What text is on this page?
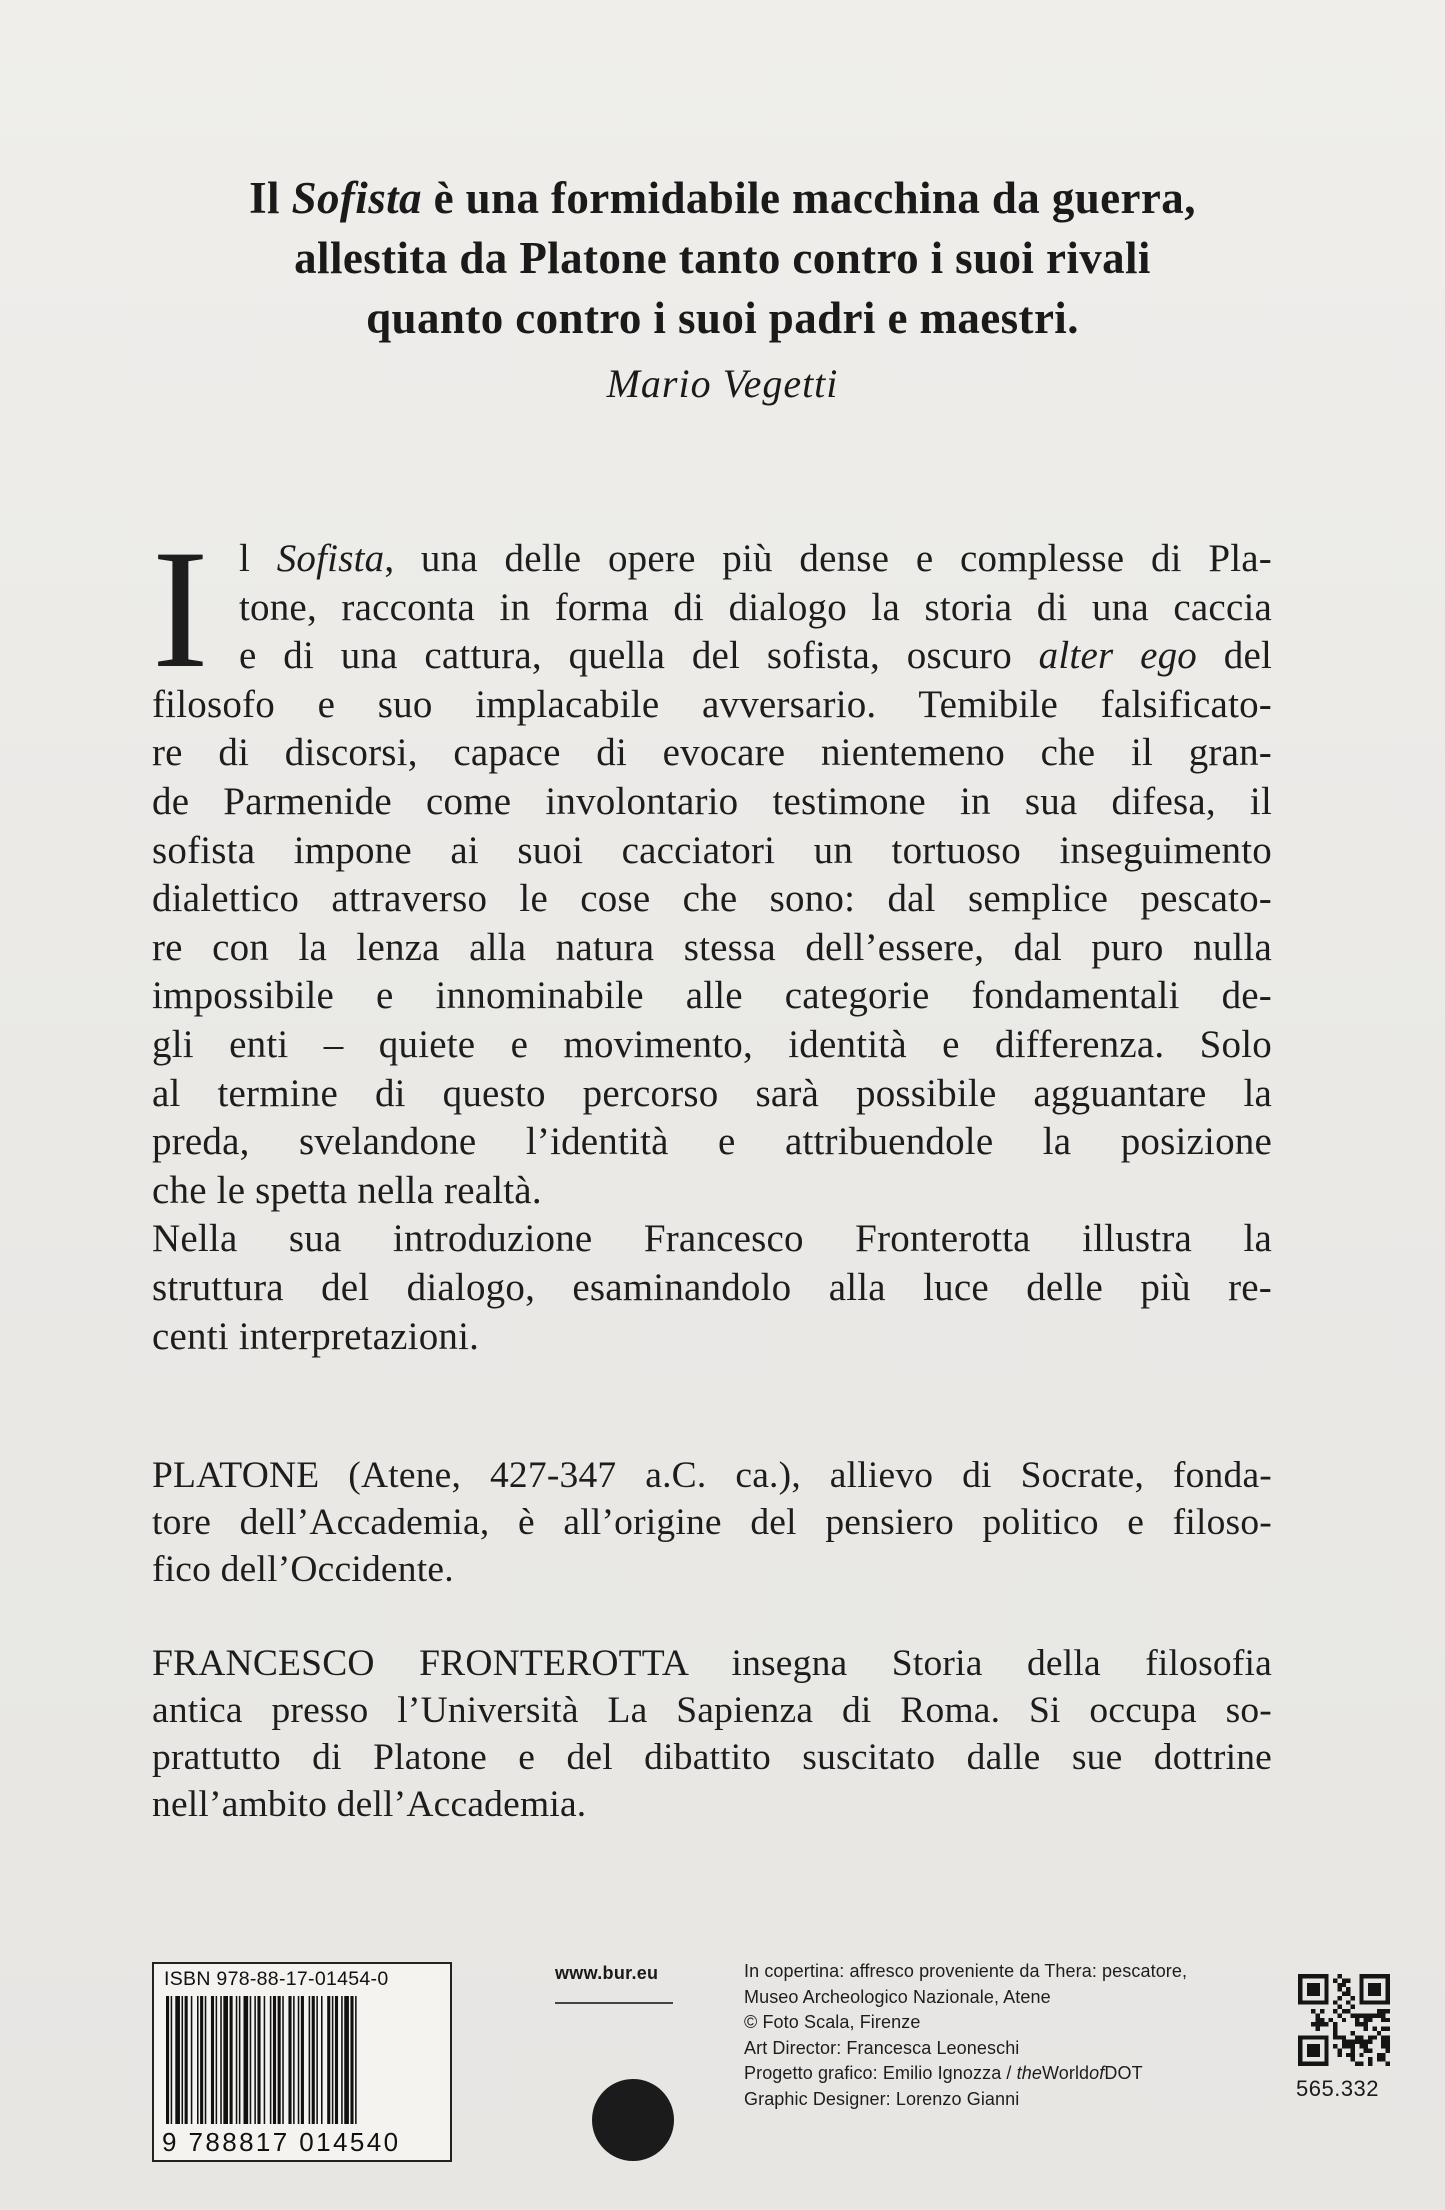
Il Sofista è una formidabile macchina da guerra,
allestita da Platone tanto contro i suoi rivali
quanto contro i suoi padri e maestri.
Mario Vegetti
I l Sofista, una delle opere più dense e complesse di Pla-
tone, racconta in forma di dialogo la storia di una caccia
e di una cattura, quella del sofista, oscuro alter ego del
filosofo e suo implacabile avversario. Temibile falsificato-
re di discorsi, capace di evocare nientemeno che il gran-
de Parmenide come involontario testimone in sua difesa, il
sofista impone ai suoi cacciatori un tortuoso inseguimento
dialettico attraverso le cose che sono: dal semplice pescato-
re con la lenza alla natura stessa dell’essere, dal puro nulla
impossibile e innominabile alle categorie fondamentali de-
gli enti – quiete e movimento, identità e differenza. Solo
al termine di questo percorso sarà possibile agguantare la
preda, svelandone l’identità e attribuendole la posizione
che le spetta nella realtà.
Nella sua introduzione Francesco Fronterotta illustra la
struttura del dialogo, esaminandolo alla luce delle più re-
centi interpretazioni.
PLATONE (Atene, 427-347 a.C. ca.), allievo di Socrate, fonda-
tore dell’Accademia, è all’origine del pensiero politico e filoso-
fico dell’Occidente.
FRANCESCO FRONTEROTTA insegna Storia della filosofia
antica presso l’Università La Sapienza di Roma. Si occupa so-
prattutto di Platone e del dibattito suscitato dalle sue dottrine
nell’ambito dell’Accademia.
ISBN 978-88-17-01454-0
9 788817 014540
www.bur.eu	In copertina: affresco proveniente da Thera: pescatore,
Museo Archeologico Nazionale, Atene
© Foto Scala, Firenze
Art Director: Francesca Leoneschi
Progetto grafico: Emilio Ignozza / theWorldofDOT
Graphic Designer: Lorenzo Gianni	565.332
